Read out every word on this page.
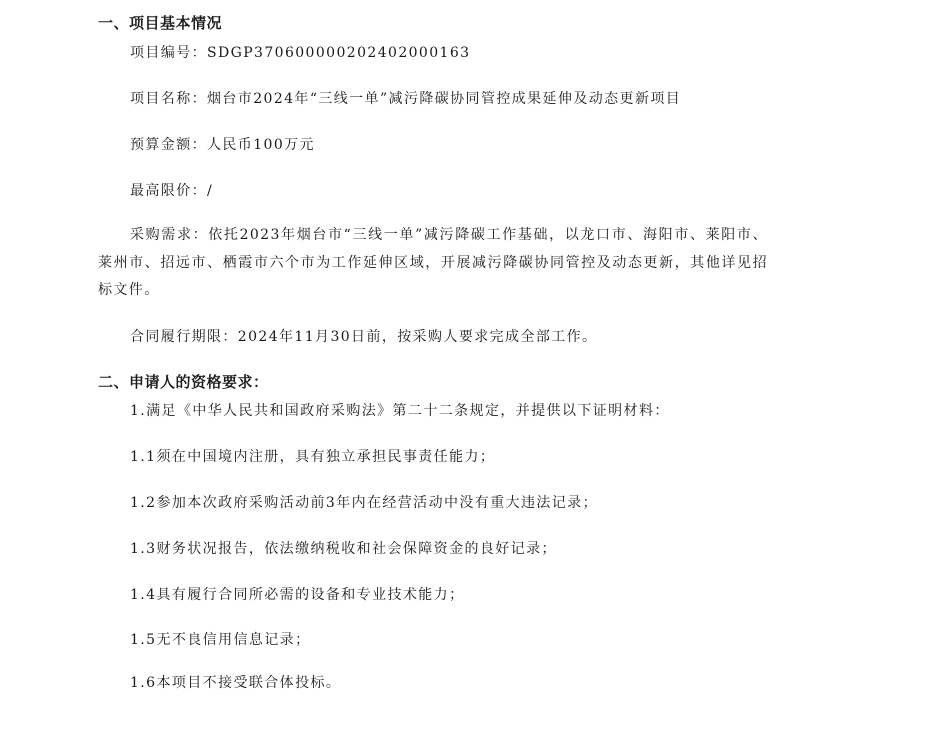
一、项目基本情况
项目编号：SDGP370600000202402000163
项目名称：烟台市2024年“三线一单”减污降碳协同管控成果延伸及动态更新项目
预算金额：人民币100万元
最高限价：/
采购需求：依托2023年烟台市“三线一单”减污降碳工作基础，以龙口市、海阳市、莱阳市、莱州市、招远市、栖霞市六个市为工作延伸区域，开展减污降碳协同管控及动态更新，其他详见招标文件。
合同履行期限：2024年11月30日前，按采购人要求完成全部工作。
二、申请人的资格要求：
1.满足《中华人民共和国政府采购法》第二十二条规定，并提供以下证明材料：
1.1须在中国境内注册，具有独立承担民事责任能力；
1.2参加本次政府采购活动前3年内在经营活动中没有重大违法记录；
1.3财务状况报告，依法缴纳税收和社会保障资金的良好记录；
1.4具有履行合同所必需的设备和专业技术能力；
1.5无不良信用信息记录；
1.6本项目不接受联合体投标。
